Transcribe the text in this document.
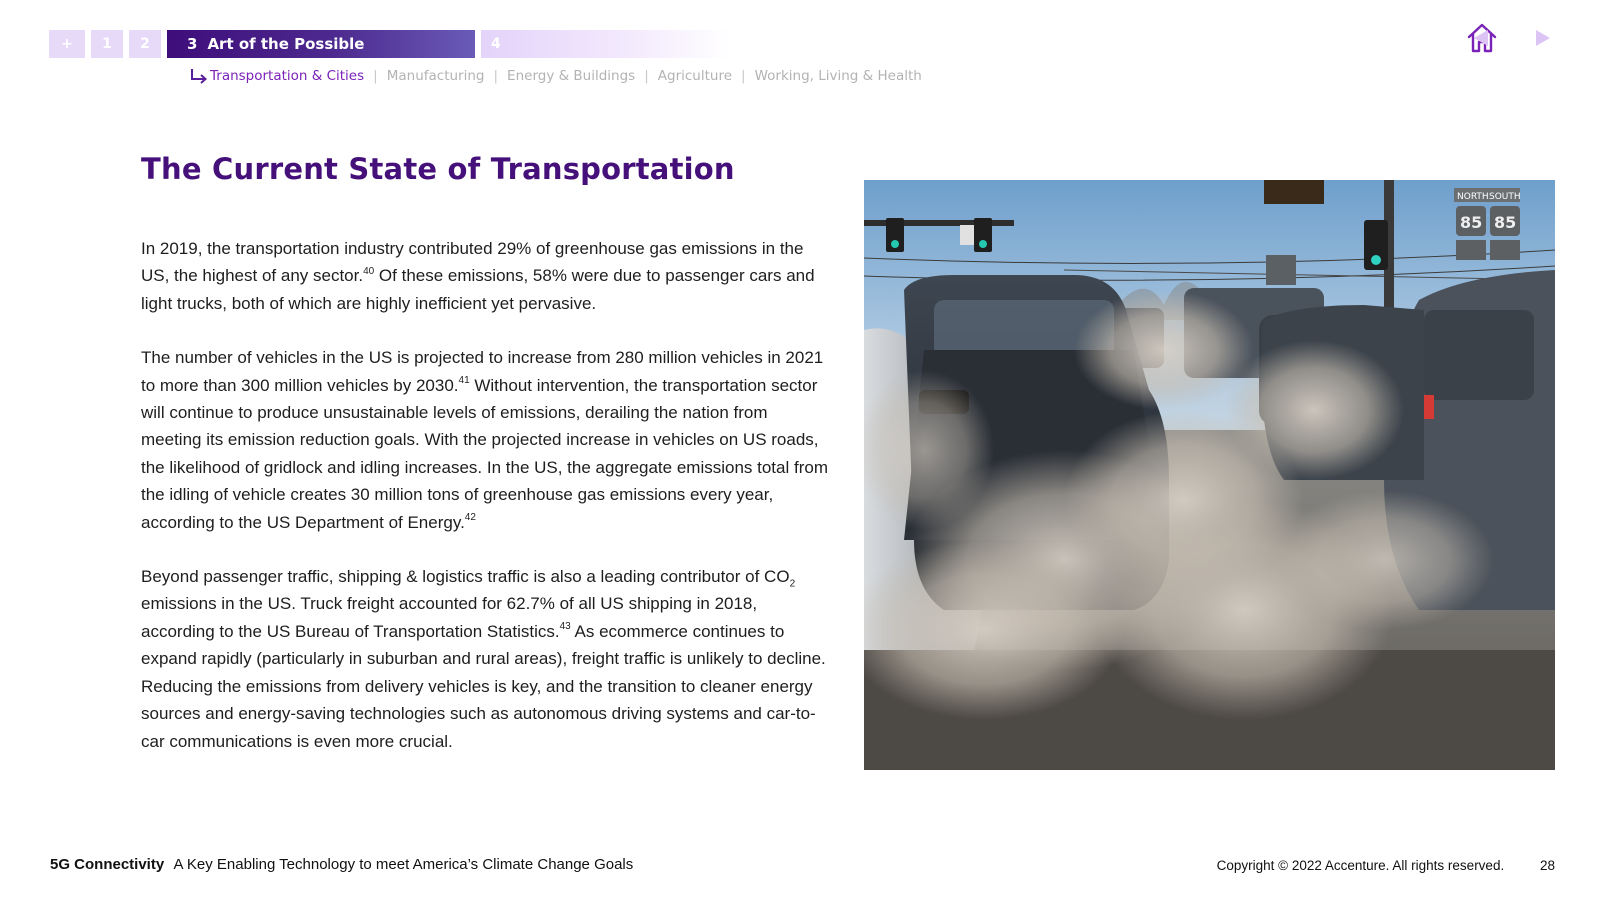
+	1	2	3 Art of the Possible	4
Transportation & Cities | Manufacturing | Energy & Buildings | Agriculture | Working, Living & Health
The Current State of Transportation

In 2019, the transportation industry contributed 29% of greenhouse gas emissions in the US, the highest of any sector.$^{40}$ Of these emissions, 58% were due to passenger cars and light trucks, both of which are highly inefficient yet pervasive.

The number of vehicles in the US is projected to increase from 280 million vehicles in 2021 to more than 300 million vehicles by 2030.41 Without intervention, the transportation sector will continue to produce unsustainable levels of emissions, derailing the nation from meeting its emission reduction goals. With the projected increase in vehicles on US roads, the likelihood of gridlock and idling increases. In the US, the aggregate emissions total from the idling of vehicle creates 30 million tons of greenhouse gas emissions every year, according to the US Department of Energy.$^{42}$

Beyond passenger traffic, shipping & logistics traffic is also a leading contributor of $CO_2$ emissions in the US. Truck freight accounted for 62.7% of all US shipping in 2018, according to the US Bureau of Transportation Statistics.$^{43}$ As ecommerce continues to expand rapidly (particularly in suburban and rural areas), freight traffic is unlikely to decline. Reducing the emissions from delivery vehicles is key, and the transition to cleaner energy sources and energy-saving technologies such as autonomous driving systems and car-to-car communications is even more crucial.

NORTH SOUTH
85 85
5G Connectivity A Key Enabling Technology to meet America’s Climate Change Goals	Copyright © 2022 Accenture. All rights reserved.	28
